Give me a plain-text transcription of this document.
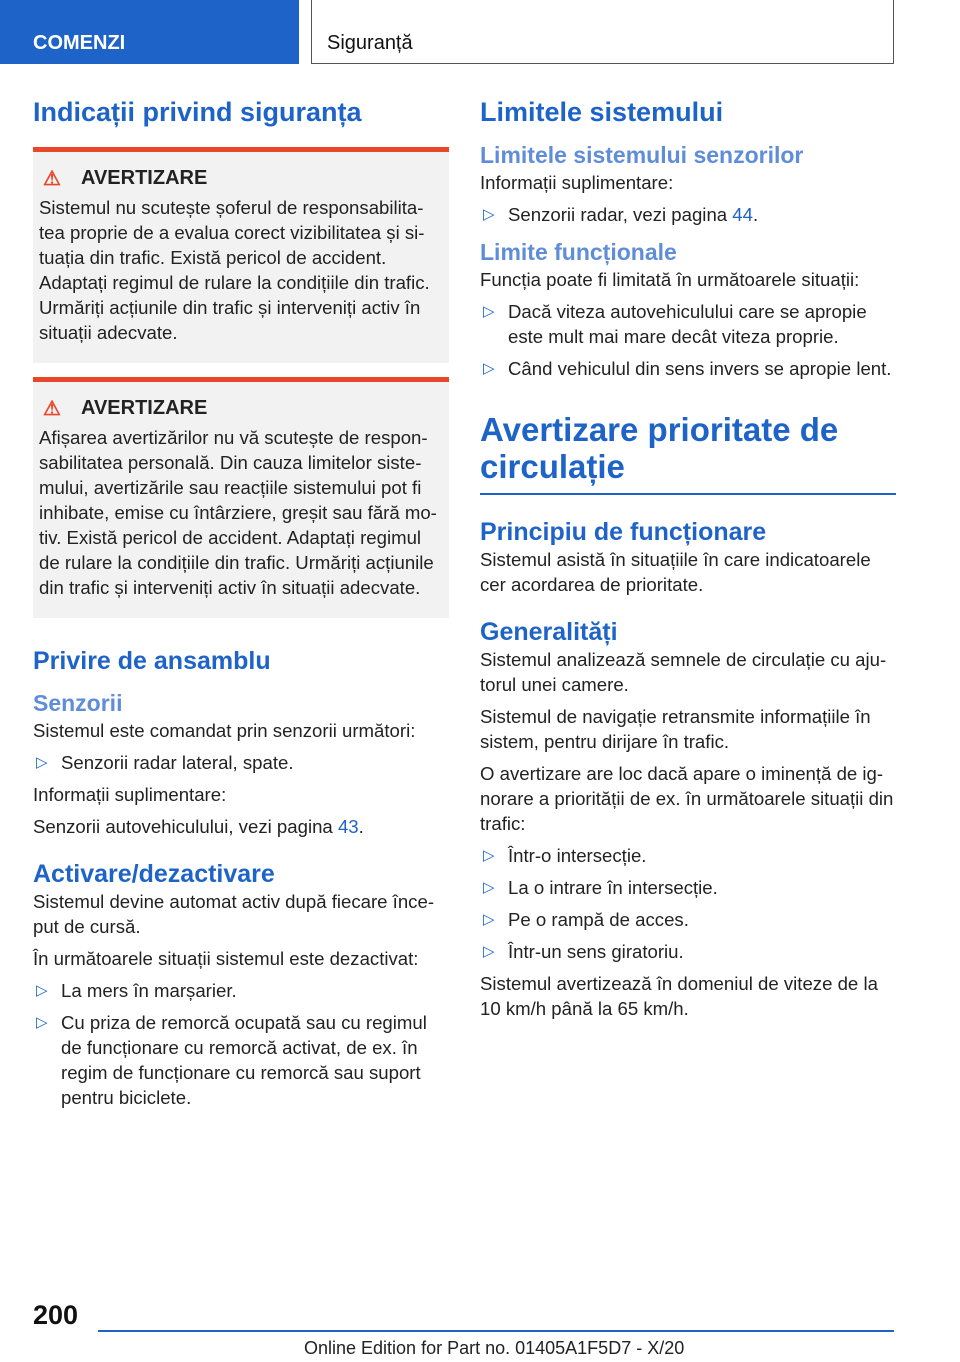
COMENZI	Siguranță
Indicații privind siguranța
⚠	AVERTIZARE

Sistemul nu scutește șoferul de responsabilita-tea proprie de a evalua corect vizibilitatea și si-tuația din trafic. Există pericol de accident. Adaptați regimul de rulare la condițiile din trafic. Urmăriți acțiunile din trafic și interveniți activ în situații adecvate.

⚠	AVERTIZARE

Afișarea avertizărilor nu vă scutește de respon-sabilitatea personală. Din cauza limitelor siste-mului, avertizările sau reacțiile sistemului pot fi inhibate, emise cu întârziere, greșit sau fără mo-tiv. Există pericol de accident. Adaptați regimul de rulare la condițiile din trafic. Urmăriți acțiunile din trafic și interveniți activ în situații adecvate.

Privire de ansamblu
Senzorii

Sistemul este comandat prin senzorii următori:

▷ Senzorii radar lateral, spate.

Informații suplimentare:

Senzorii autovehiculului, vezi pagina 43.

Activare/dezactivare

Sistemul devine automat activ după fiecare înce-put de cursă.

În următoarele situații sistemul este dezactivat:

▷ La mers în marșarier.
▷ Cu priza de remorcă ocupată sau cu regimul de funcționare cu remorcă activat, de ex. în regim de funcționare cu remorcă sau suport pentru biciclete.
Limitele sistemului
Limitele sistemului senzorilor

Informații suplimentare:

▷ Senzorii radar, vezi pagina 44.
Limite funcționale

Funcția poate fi limitată în următoarele situații:

▷ Dacă viteza autovehiculului care se apropie este mult mai mare decât viteza proprie.
▷ Când vehiculul din sens invers se apropie lent.
Avertizare prioritate de circulație
Principiu de funcționare

Sistemul asistă în situațiile în care indicatoarele cer acordarea de prioritate.

Generalități

Sistemul analizează semnele de circulație cu aju-torul unei camere.

Sistemul de navigație retransmite informațiile în sistem, pentru dirijare în trafic.

O avertizare are loc dacă apare o iminență de ig-norare a priorității de ex. în următoarele situații din trafic:

▷ Într-o intersecție.
▷ La o intrare în intersecție.
▷ Pe o rampă de acces.
▷ Într-un sens giratoriu.

Sistemul avertizează în domeniul de viteze de la 10 km/h până la 65 km/h.

200
Online Edition for Part no. 01405A1F5D7 - X/20
